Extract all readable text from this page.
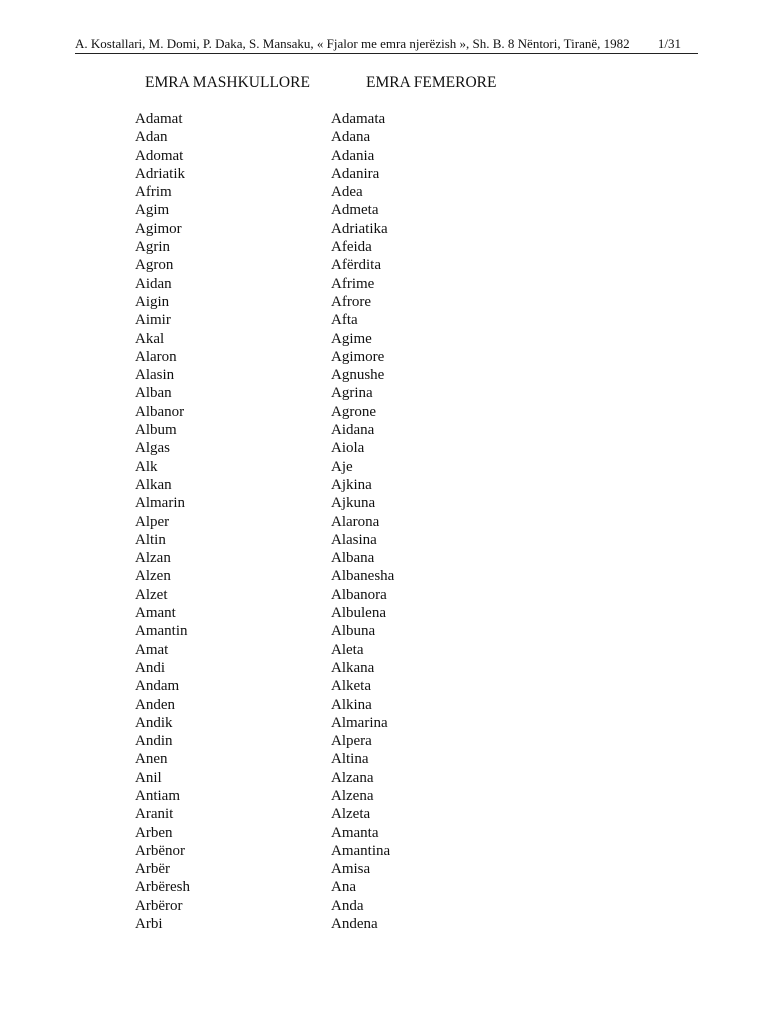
A. Kostallari, M. Domi, P. Daka, S. Mansaku, « Fjalor me emra njerëzish », Sh. B. 8 Nëntori, Tiranë, 1982 1/31
EMRA MASHKULLORE	EMRA FEMERORE
Adamat
Adan
Adomat
Adriatik
Afrim
Agim
Agimor
Agrin
Agron
Aidan
Aigin
Aimir
Akal
Alaron
Alasin
Alban
Albanor
Album
Algas
Alk
Alkan
Almarin
Alper
Altin
Alzan
Alzen
Alzet
Amant
Amantin
Amat
Andi
Andam
Anden
Andik
Andin
Anen
Anil
Antiam
Aranit
Arben
Arbënor
Arbër
Arbëresh
Arbëror
Arbi
Adamata
Adana
Adania
Adanira
Adea
Admeta
Adriatika
Afeida
Afërdita
Afrime
Afrore
Afta
Agime
Agimore
Agnushe
Agrina
Agrone
Aidana
Aiola
Aje
Ajkina
Ajkuna
Alarona
Alasina
Albana
Albanesha
Albanora
Albulena
Albuna
Aleta
Alkana
Alketa
Alkina
Almarina
Alpera
Altina
Alzana
Alzena
Alzeta
Amanta
Amantina
Amisa
Ana
Anda
Andena
